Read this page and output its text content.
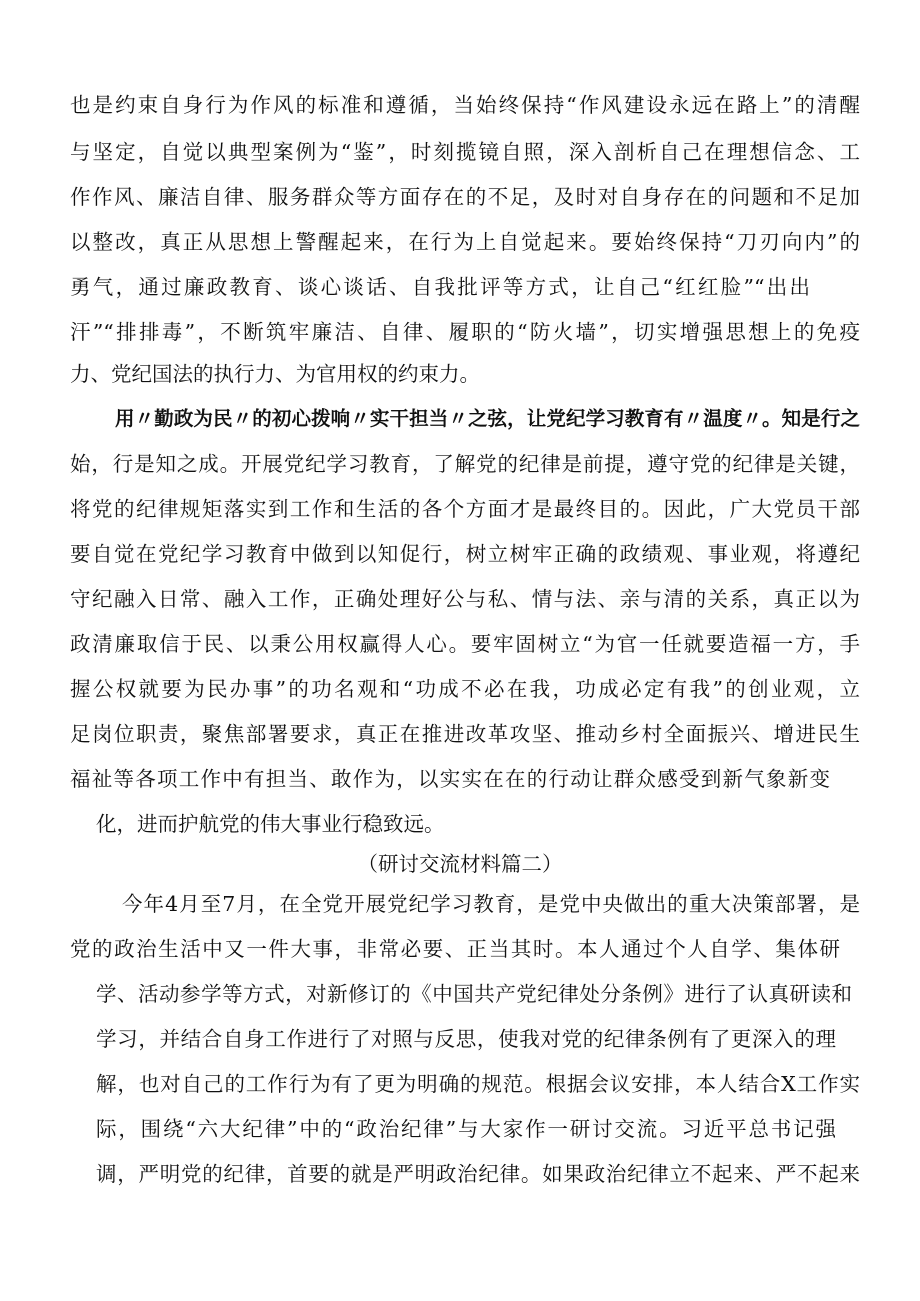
也是约束自身行为作风的标准和遵循，当始终保持“作风建设永远在路上”的清醒
与坚定，自觉以典型案例为“鉴”，时刻揽镜自照，深入剖析自己在理想信念、工
作作风、廉洁自律、服务群众等方面存在的不足，及时对自身存在的问题和不足加
以整改，真正从思想上警醒起来，在行为上自觉起来。要始终保持“刀刃向内”的
勇气，通过廉政教育、谈心谈话、自我批评等方式，让自己“红红脸”“出出
汗”“排排毒”，不断筑牢廉洁、自律、履职的“防火墙”，切实增强思想上的免疫
力、党纪国法的执行力、为官用权的约束力。
用〃勤政为民〃的初心拨响〃实干担当〃之弦，让党纪学习教育有〃温度〃。知是行之
始，行是知之成。开展党纪学习教育，了解党的纪律是前提，遵守党的纪律是关键，
将党的纪律规矩落实到工作和生活的各个方面才是最终目的。因此，广大党员干部
要自觉在党纪学习教育中做到以知促行，树立树牢正确的政绩观、事业观，将遵纪
守纪融入日常、融入工作，正确处理好公与私、情与法、亲与清的关系，真正以为
政清廉取信于民、以秉公用权赢得人心。要牢固树立“为官一任就要造福一方，手
握公权就要为民办事”的功名观和“功成不必在我，功成必定有我”的创业观，立
足岗位职责，聚焦部署要求，真正在推进改革攻坚、推动乡村全面振兴、增进民生
福祉等各项工作中有担当、敢作为，以实实在在的行动让群众感受到新气象新变
化，进而护航党的伟大事业行稳致远。
（研讨交流材料篇二）
今年4月至7月，在全党开展党纪学习教育，是党中央做出的重大决策部署，是
党的政治生活中又一件大事，非常必要、正当其时。本人通过个人自学、集体研
学、活动参学等方式，对新修订的《中国共产党纪律处分条例》进行了认真研读和
学习，并结合自身工作进行了对照与反思，使我对党的纪律条例有了更深入的理
解，也对自己的工作行为有了更为明确的规范。根据会议安排，本人结合X工作实
际，围绕“六大纪律”中的“政治纪律”与大家作一研讨交流。习近平总书记强
调，严明党的纪律，首要的就是严明政治纪律。如果政治纪律立不起来、严不起来
